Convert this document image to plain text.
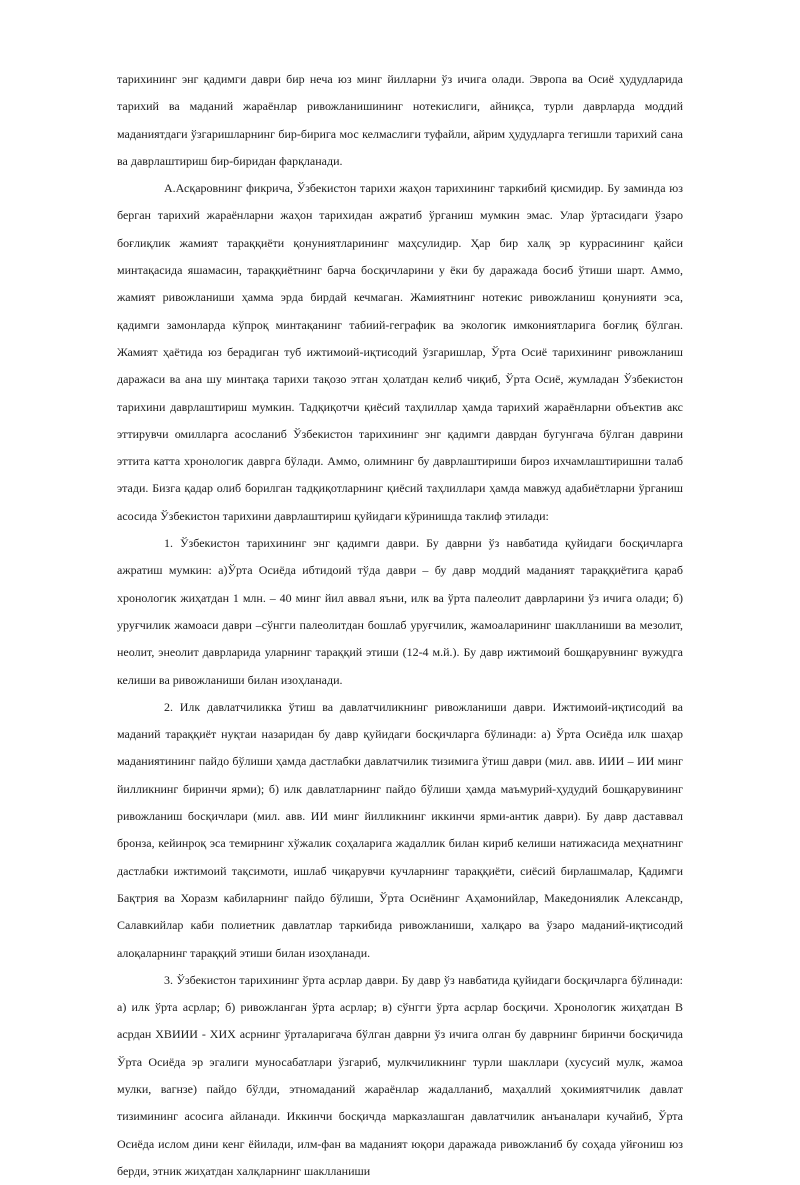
тарихининг энг қадимги даври бир неча юз минг йилларни ўз ичига олади. Эвропа ва Осиё ҳудудларида тарихий ва маданий жараёнлар ривожланишининг нотекислиги, айниқса, турли даврларда моддий маданиятдаги ўзгаришларнинг бир-бирига мос келмаслиги туфайли, айрим ҳудудларга тегишли тарихий сана ва даврлаштириш бир-биридан фарқланади.

А.Асқаровнинг фикрича, Ўзбекистон тарихи жаҳон тарихининг таркибий қисмидир. Бу заминда юз берган тарихий жараёнларни жаҳон тарихидан ажратиб ўрганиш мумкин эмас. Улар ўртасидаги ўзаро боғлиқлик жамият тараққиёти қонуниятларининг маҳсулидир. Ҳар бир халқ эр куррасининг қайси минтақасида яшамасин, тараққиётнинг барча босқичларини у ёки бу даражада босиб ўтиши шарт. Аммо, жамият ривожланиши ҳамма эрда бирдай кечмаган. Жамиятнинг нотекис ривожланиш қонунияти эса, қадимги замонларда кўпроқ минтақанинг табиий-геграфик ва экологик имкониятларига боғлиқ бўлган. Жамият ҳаётида юз берадиган туб ижтимоий-иқтисодий ўзгаришлар, Ўрта Осиё тарихининг ривожланиш даражаси ва ана шу минтақа тарихи тақозо этган ҳолатдан келиб чиқиб, Ўрта Осиё, жумладан Ўзбекистон тарихини даврлаштириш мумкин. Тадқиқотчи қиёсий таҳлиллар ҳамда тарихий жараёнларни объектив акс эттирувчи омилларга асосланиб Ўзбекистон тарихининг энг қадимги даврдан бугунгача бўлган даврини эттита катта хронологик даврга бўлади. Аммо, олимнинг бу даврлаштириши бироз ихчамлаштиришни талаб этади. Бизга қадар олиб борилган тадқиқотларнинг қиёсий таҳлиллари ҳамда мавжуд адабиётларни ўрганиш асосида Ўзбекистон тарихини даврлаштириш қуйидаги кўринишда таклиф этилади:

1. Ўзбекистон тарихининг энг қадимги даври. Бу даврни ўз навбатида қуйидаги босқичларга ажратиш мумкин: а)Ўрта Осиёда ибтидоий тўда даври – бу давр моддий маданият тараққиётига қараб хронологик жиҳатдан 1 млн. – 40 минг йил аввал яъни, илк ва ўрта палеолит даврларини ўз ичига олади; б) уруғчилик жамоаси даври –сўнгги палеолитдан бошлаб уруғчилик, жамоаларининг шаклланиши ва мезолит, неолит, энеолит даврларида уларнинг тараққий этиши (12-4 м.й.). Бу давр ижтимоий бошқарувнинг вужудга келиши ва ривожланиши билан изоҳланади.

2. Илк давлатчиликка ўтиш ва давлатчиликнинг ривожланиши даври. Ижтимоий-иқтисодий ва маданий тараққиёт нуқтаи назаридан бу давр қуйидаги босқичларга бўлинади: а) Ўрта Осиёда илк шаҳар маданиятининг пайдо бўлиши ҳамда дастлабки давлатчилик тизимига ўтиш даври (мил. авв. ИИИ – ИИ минг йилликнинг биринчи ярми); б) илк давлатларнинг пайдо бўлиши ҳамда маъмурий-ҳудудий бошқарувининг ривожланиш босқичлари (мил. авв. ИИ минг йилликнинг иккинчи ярми-антик даври). Бу давр даставвал бронза, кейинроқ эса темирнинг хўжалик соҳаларига жадаллик билан кириб келиши натижасида меҳнатнинг дастлабки ижтимоий тақсимоти, ишлаб чиқарувчи кучларнинг тараққиёти, сиёсий бирлашмалар, Қадимги Бақтрия ва Хоразм кабиларнинг пайдо бўлиши, Ўрта Осиёнинг Аҳамонийлар, Македониялик Александр, Салавкийлар каби полиетник давлатлар таркибида ривожланиши, халқаро ва ўзаро маданий-иқтисодий алоқаларнинг тараққий этиши билан изоҳланади.

3. Ўзбекистон тарихининг ўрта асрлар даври. Бу давр ўз навбатида қуйидаги босқичларга бўлинади: а) илк ўрта асрлар; б) ривожланган ўрта асрлар; в) сўнгги ўрта асрлар босқичи. Хронологик жиҳатдан В асрдан ХВИИИ - ХИХ асрнинг ўрталаригача бўлган даврни ўз ичига олган бу даврнинг биринчи босқичида Ўрта Осиёда эр эгалиги муносабатлари ўзгариб, мулкчиликнинг турли шакллари (хусусий мулк, жамоа мулки, вагнзе) пайдо бўлди, этномаданий жараёнлар жадалланиб, маҳаллий ҳокимиятчилик давлат тизимининг асосига айланади. Иккинчи босқичда марказлашган давлатчилик анъаналари кучайиб, Ўрта Осиёда ислом дини кенг ёйилади, илм-фан ва маданият юқори даражада ривожланиб бу соҳада уйғониш юз берди, этник жиҳатдан халқларнинг шаклланиши
